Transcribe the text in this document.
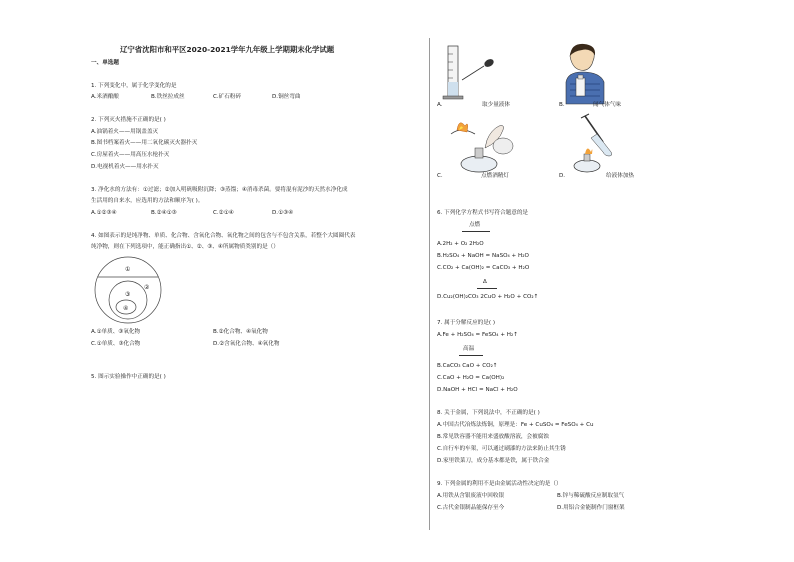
辽宁省沈阳市和平区2020-2021学年九年级上学期期末化学试题
一、单选题
1. 下列变化中，属于化学变化的是
A.米酒酿酿	B.铁丝拉成丝	C.矿石粉碎	D.铜丝弯曲
2. 下列灭火措施不正确的是( )
A.油锅着火——用锅盖盖灭
B.图书档案着火——用二氧化碳灭火器扑灭
C.房屋着火——用高压水枪扑灭
D.电视机着火——用水扑灭
3. 净化水的方法有：①过滤；②加入明矾吸附沉降；③蒸馏；④消毒杀菌。要将混有泥沙的天然水净化成
生活用的自来水，应选用的方法和顺序为( )。
A.①②③④	B.②④①③	C.②①④	D.①③④
4. 如图表示的是纯净物、单质、化合物、含氧化合物、氧化物之间的包含与不包含关系，若整个大圆圈代表
纯净物，则在下列选项中，能正确指出①、②、③、④所属物质类别的是（）
①
②
③
④
A.①单质、③氧化物	B.②化合物、④氧化物
C.①单质、③化合物	D.②含氧化合物、④氧化物
5. 图示实验操作中正确的是( )
A.	取少量液体	B.	闻气体气味
C.	点燃酒精灯	D.	给液体加热
6. 下列化学方程式书写符合题意的是
点燃
A.2H₂ + O₂ 2H₂O
B.H₂SO₄ + NaOH = NaSO₄ + H₂O
C.CO₂ + Ca(OH)₂ = CaCO₃ + H₂O
Δ
D.Cu₂(OH)₂CO₃ 2CuO + H₂O + CO₂↑
7. 属于分解反应的是( )
A.Fe + H₂SO₄ = FeSO₄ + H₂↑
高温
B.CaCO₃ CaO + CO₂↑
C.CaO + H₂O = Ca(OH)₂
D.NaOH + HCl = NaCl + H₂O
8. 关于金属，下列说法中，不正确的是( )
A.中国古代冶炼法炼铜，原理是：Fe + CuSO₄ = FeSO₄ + Cu
B.常见铁容器不能用来盛放酸溶液，会被腐蚀
C.自行车的车架，可以通过刷漆的方法来防止其生锈
D.家里铁菜刀，成分基本都是铁，属于铁合金
9. 下列金属的利用不是由金属活动性决定的是（）
A.用铁从含银废液中回收银	B.锌与稀硫酸反应制取氢气
C.古代金银制品能保存至今	D.用铝合金能制作门窗框架
